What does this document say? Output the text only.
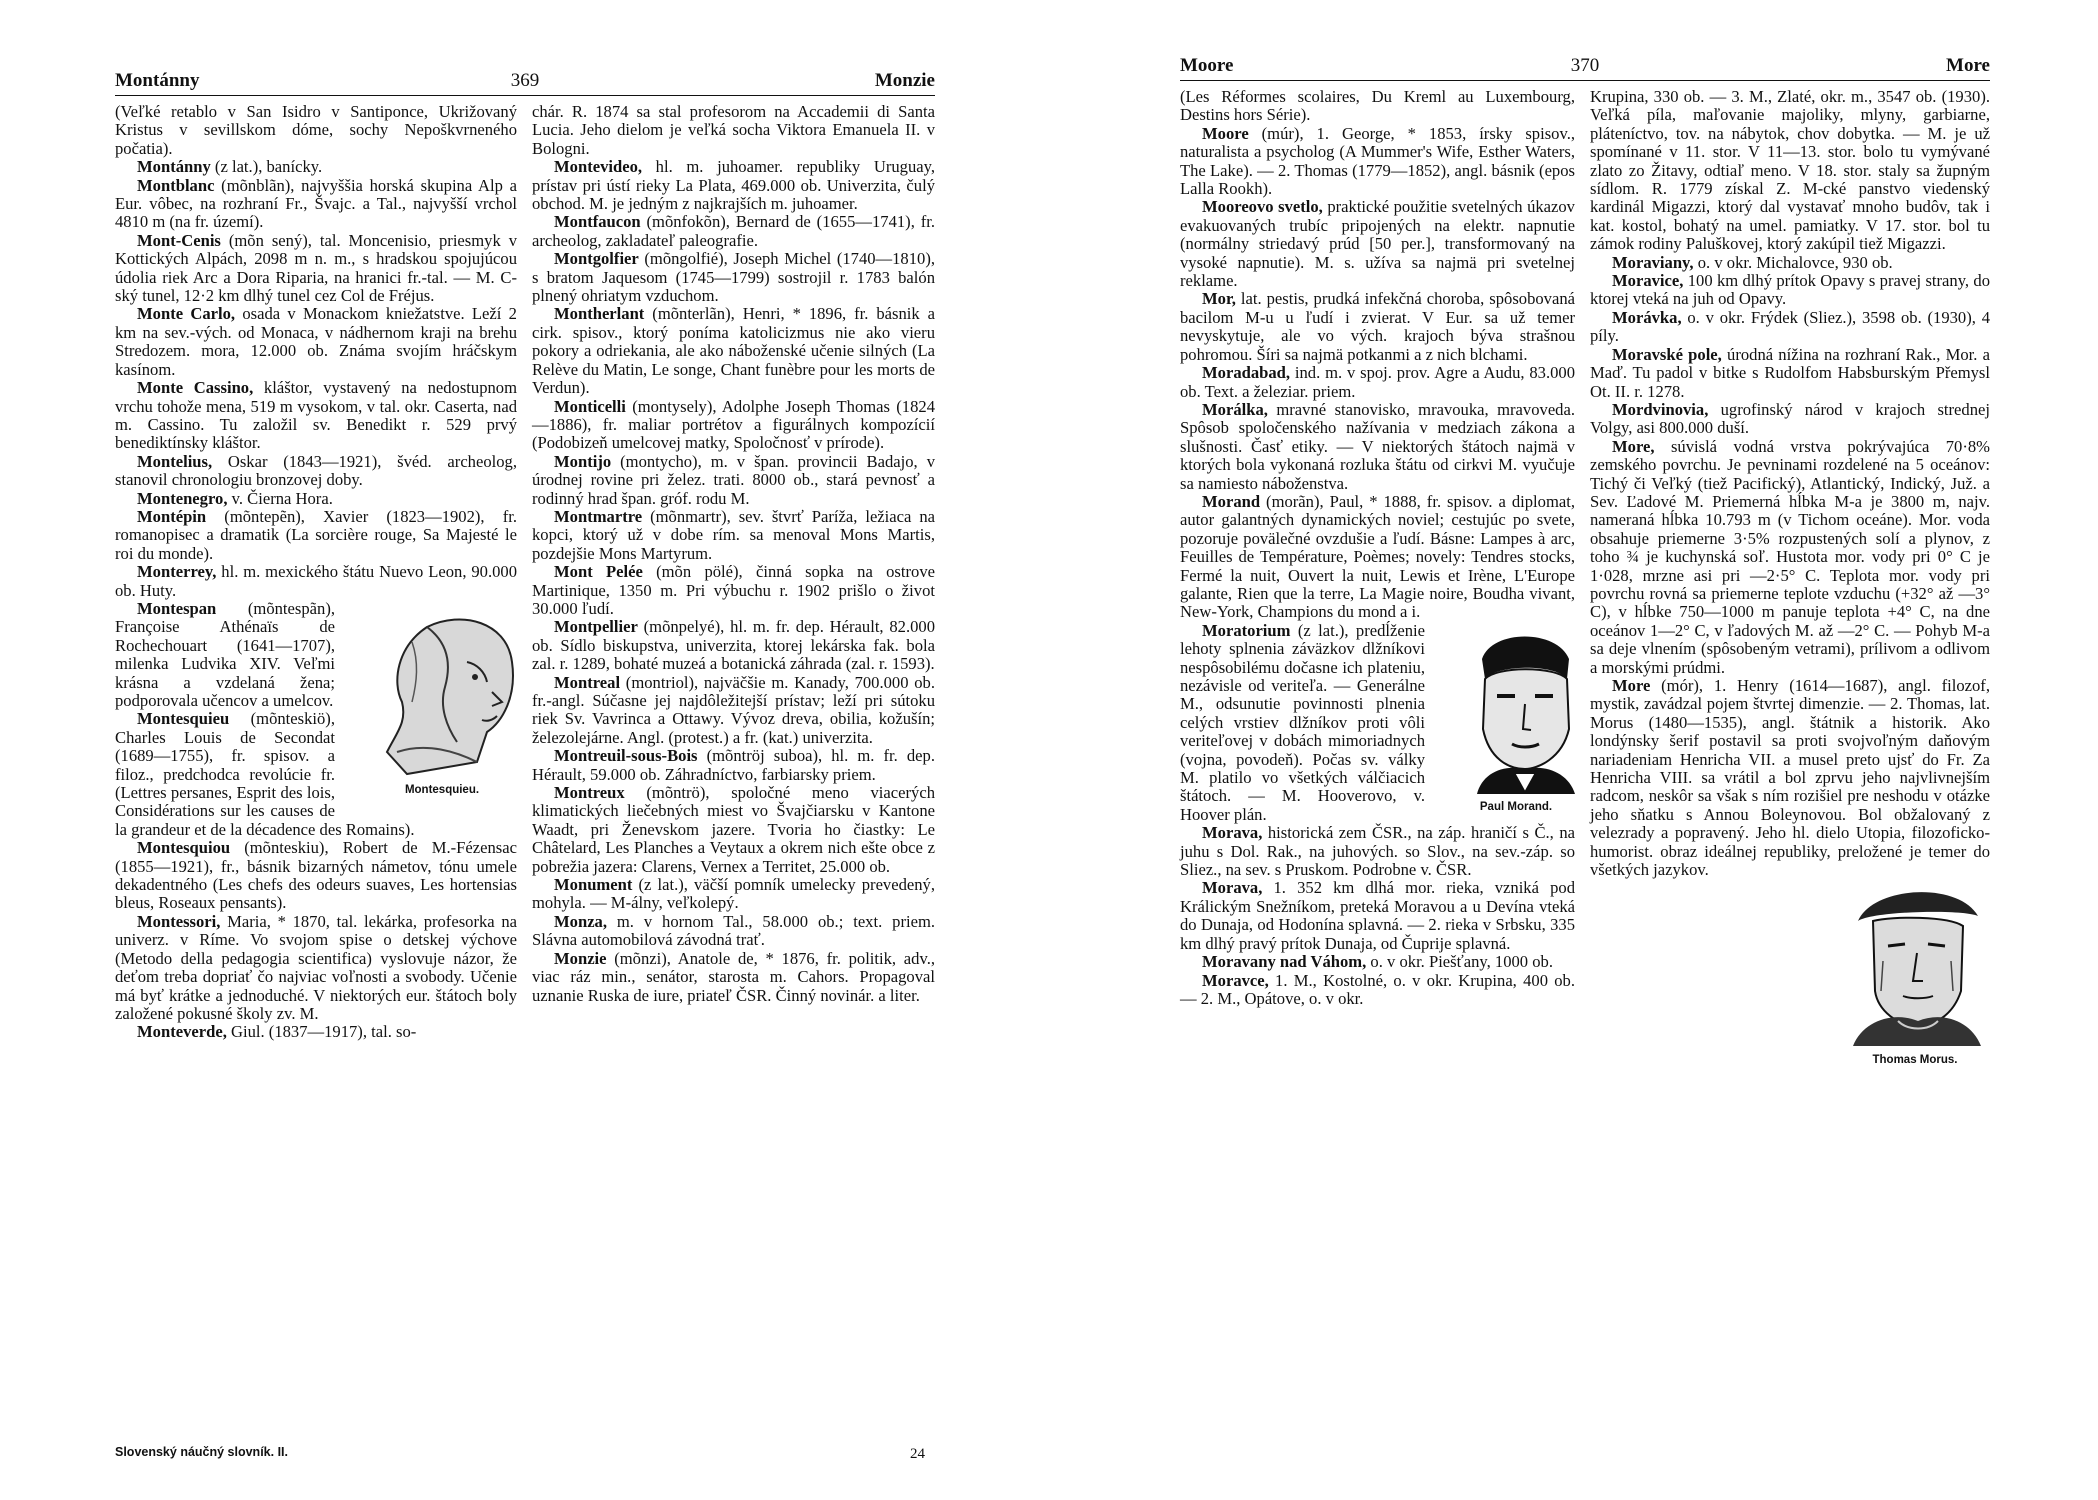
Montánny	369	Monzie

(Veľké retablo v San Isidro v Santiponce, Ukrižovaný Kristus v sevillskom dóme, sochy Nepoškvrneného počatia).

Montánny (z lat.), banícky.

Montblanc (mõnblãn), najvyššia horská skupina Alp a Eur. vôbec, na rozhraní Fr., Švajc. a Tal., najvyšší vrchol 4810 m (na fr. území).

Mont-Cenis (mõn sený), tal. Moncenisio, priesmyk v Kottických Alpách, 2098 m n. m., s hradskou spojujúcou údolia riek Arc a Dora Riparia, na hranici fr.-tal. — M. C-ský tunel, 12·2 km dlhý tunel cez Col de Fréjus.

Monte Carlo, osada v Monackom kniežatstve. Leží 2 km na sev.-vých. od Monaca, v nádhernom kraji na brehu Stredozem. mora, 12.000 ob. Známa svojím hráčskym kasínom.

Monte Cassino, kláštor, vystavený na nedostupnom vrchu tohože mena, 519 m vysokom, v tal. okr. Caserta, nad m. Cassino. Tu založil sv. Benedikt r. 529 prvý benediktínsky kláštor.

Montelius, Oskar (1843—1921), švéd. archeolog, stanovil chronologiu bronzovej doby.

Montenegro, v. Čierna Hora.

Montépin (mõntepẽn), Xavier (1823—1902), fr. romanopisec a dramatik (La sorcière rouge, Sa Majesté le roi du monde).

Monterrey, hl. m. mexického štátu Nuevo Leon, 90.000 ob. Huty.

Montesquieu.
Montespan (mõntespãn), Françoise Athénaïs de Rochechouart (1641—1707), milenka Ludvika XIV. Veľmi krásna a vzdelaná žena; podporovala učencov a umelcov.

Montesquieu (mõnteskiö), Charles Louis de Secondat (1689—1755), fr. spisov. a filoz., predchodca revolúcie fr. (Lettres persanes, Esprit des lois, Considérations sur les causes de la grandeur et de la décadence des Romains).

Montesquiou (mõnteskiu), Robert de M.-Fézensac (1855—1921), fr., básnik bizarných námetov, tónu umele dekadentného (Les chefs des odeurs suaves, Les hortensias bleus, Roseaux pensants).

Montessori, Maria, * 1870, tal. lekárka, profesorka na univerz. v Ríme. Vo svojom spise o detskej výchove (Metodo della pedagogia scientifica) vyslovuje názor, že deťom treba dopriať čo najviac voľnosti a svobody. Učenie má byť krátke a jednoduché. V niektorých eur. štátoch boly založené pokusné školy zv. M.

Monteverde, Giul. (1837—1917), tal. so-

chár. R. 1874 sa stal profesorom na Accademii di Santa Lucia. Jeho dielom je veľká socha Viktora Emanuela II. v Bologni.

Montevideo, hl. m. juhoamer. republiky Uruguay, prístav pri ústí rieky La Plata, 469.000 ob. Univerzita, čulý obchod. M. je jedným z najkrajších m. juhoamer.

Montfaucon (mõnfokõn), Bernard de (1655—1741), fr. archeolog, zakladateľ paleografie.

Montgolfier (mõngolfié), Joseph Michel (1740—1810), s bratom Jaquesom (1745—1799) sostrojil r. 1783 balón plnený ohriatym vzduchom.

Montherlant (mõnterlãn), Henri, * 1896, fr. básnik a cirk. spisov., ktorý poníma katolicizmus nie ako vieru pokory a odriekania, ale ako náboženské učenie silných (La Relève du Matin, Le songe, Chant funèbre pour les morts de Verdun).

Monticelli (montysely), Adolphe Joseph Thomas (1824—1886), fr. maliar portrétov a figurálnych kompozícií (Podobizeň umelcovej matky, Spoločnosť v prírode).

Montijo (montycho), m. v špan. provincii Badajo, v úrodnej rovine pri želez. trati. 8000 ob., stará pevnosť a rodinný hrad špan. gróf. rodu M.

Montmartre (mõnmartr), sev. štvrť Paríža, ležiaca na kopci, ktorý už v dobe rím. sa menoval Mons Martis, pozdejšie Mons Martyrum.

Mont Pelée (mõn pölé), činná sopka na ostrove Martinique, 1350 m. Pri výbuchu r. 1902 prišlo o život 30.000 ľudí.

Montpellier (mõnpelyé), hl. m. fr. dep. Hérault, 82.000 ob. Sídlo biskupstva, univerzita, ktorej lekárska fak. bola zal. r. 1289, bohaté muzeá a botanická záhrada (zal. r. 1593).

Montreal (montriol), najväčšie m. Kanady, 700.000 ob. fr.-angl. Súčasne jej najdôležitejší prístav; leží pri sútoku riek Sv. Vavrinca a Ottawy. Vývoz dreva, obilia, kožušín; železolejárne. Angl. (protest.) a fr. (kat.) univerzita.

Montreuil-sous-Bois (mõntröj suboa), hl. m. fr. dep. Hérault, 59.000 ob. Záhradníctvo, farbiarsky priem.

Montreux (mõntrö), spoločné meno viacerých klimatických liečebných miest vo Švajčiarsku v Kantone Waadt, pri Ženevskom jazere. Tvoria ho čiastky: Le Châtelard, Les Planches a Veytaux a okrem nich ešte obce z pobrežia jazera: Clarens, Vernex a Territet, 25.000 ob.

Monument (z lat.), väčší pomník umelecky prevedený, mohyla. — M-álny, veľkolepý.

Monza, m. v hornom Tal., 58.000 ob.; text. priem. Slávna automobilová závodná trať.

Monzie (mõnzi), Anatole de, * 1876, fr. politik, adv., viac ráz min., senátor, starosta m. Cahors. Propagoval uznanie Ruska de iure, priateľ ČSR. Činný novinár. a liter.

Slovenský náučný slovník. II.	24
Moore	370	More

(Les Réformes scolaires, Du Kreml au Luxembourg, Destins hors Série).

Moore (múr), 1. George, * 1853, írsky spisov., naturalista a psycholog (A Mummer's Wife, Esther Waters, The Lake). — 2. Thomas (1779—1852), angl. básnik (epos Lalla Rookh).

Mooreovo svetlo, praktické použitie svetelných úkazov evakuovaných trubíc pripojených na elektr. napnutie (normálny striedavý prúd [50 per.], transformovaný na vysoké napnutie). M. s. užíva sa najmä pri svetelnej reklame.

Mor, lat. pestis, prudká infekčná choroba, spôsobovaná bacilom M-u u ľudí i zvierat. V Eur. sa už temer nevyskytuje, ale vo vých. krajoch býva strašnou pohromou. Šíri sa najmä potkanmi a z nich blchami.

Moradabad, ind. m. v spoj. prov. Agre a Audu, 83.000 ob. Text. a železiar. priem.

Morálka, mravné stanovisko, mravouka, mravoveda. Spôsob spoločenského nažívania v medziach zákona a slušnosti. Časť etiky. — V niektorých štátoch najmä v ktorých bola vykonaná rozluka štátu od cirkvi M. vyučuje sa namiesto náboženstva.

Morand (morãn), Paul, * 1888, fr. spisov. a diplomat, autor galantných dynamických noviel; cestujúc po svete, pozoruje povälečné ovzdušie a ľudí. Básne: Lampes à arc, Feuilles de Température, Poèmes; novely: Tendres stocks, Fermé la nuit, Ouvert la nuit, Lewis et Irène, L'Europe galante, Rien que la terre, La Magie noire, Boudha vivant, New-York, Champions du mond a i.

Paul Morand.
Moratorium (z lat.), predĺženie lehoty splnenia záväzkov dlžníkovi nespôsobilému dočasne ich plateniu, nezávisle od veriteľa. — Generálne M., odsunutie povinnosti plnenia celých vrstiev dlžníkov proti vôli veriteľovej v dobách mimoriadnych (vojna, povodeň). Počas sv. války M. platilo vo všetkých válčiacich štátoch. — M. Hooverovo, v. Hoover plán.

Morava, historická zem ČSR., na záp. hraničí s Č., na juhu s Dol. Rak., na juhových. so Slov., na sev.-záp. so Sliez., na sev. s Pruskom. Podrobne v. ČSR.

Morava, 1. 352 km dlhá mor. rieka, vzniká pod Králickým Snežníkom, preteká Moravou a u Devína vteká do Dunaja, od Hodonína splavná. — 2. rieka v Srbsku, 335 km dlhý pravý prítok Dunaja, od Čuprije splavná.

Moravany nad Váhom, o. v okr. Piešťany, 1000 ob.

Moravce, 1. M., Kostolné, o. v okr. Krupina, 400 ob. — 2. M., Opátove, o. v okr.

Krupina, 330 ob. — 3. M., Zlaté, okr. m., 3547 ob. (1930). Veľká píla, maľovanie majoliky, mlyny, garbiarne, pláteníctvo, tov. na nábytok, chov dobytka. — M. je už spomínané v 11. stor. V 11—13. stor. bolo tu vymývané zlato zo Žitavy, odtiaľ meno. V 18. stor. staly sa župným sídlom. R. 1779 získal Z. M-cké panstvo viedenský kardinál Migazzi, ktorý dal vystavať mnoho budôv, tak i kat. kostol, bohatý na umel. pamiatky. V 17. stor. bol tu zámok rodiny Paluškovej, ktorý zakúpil tiež Migazzi.

Moraviany, o. v okr. Michalovce, 930 ob.

Moravice, 100 km dlhý prítok Opavy s pravej strany, do ktorej vteká na juh od Opavy.

Morávka, o. v okr. Frýdek (Sliez.), 3598 ob. (1930), 4 píly.

Moravské pole, úrodná nížina na rozhraní Rak., Mor. a Maď. Tu padol v bitke s Rudolfom Habsburským Přemysl Ot. II. r. 1278.

Mordvinovia, ugrofinský národ v krajoch strednej Volgy, asi 800.000 duší.

More, súvislá vodná vrstva pokrývajúca 70·8% zemského povrchu. Je pevninami rozdelené na 5 oceánov: Tichý či Veľký (tiež Pacifický), Atlantický, Indický, Juž. a Sev. Ľadové M. Priemerná hĺbka M-a je 3800 m, najv. nameraná hĺbka 10.793 m (v Tichom oceáne). Mor. voda obsahuje priemerne 3·5% rozpustených solí a plynov, z toho ¾ je kuchynská soľ. Hustota mor. vody pri 0° C je 1·028, mrzne asi pri —2·5° C. Teplota mor. vody pri povrchu rovná sa priemerne teplote vzduchu (+32° až —3° C), v hĺbke 750—1000 m panuje teplota +4° C, na dne oceánov 1—2° C, v ľadových M. až —2° C. — Pohyb M-a sa deje vlnením (spôsobeným vetrami), prílivom a odlivom a morskými prúdmi.

More (mór), 1. Henry (1614—1687), angl. filozof, mystik, zavádzal pojem štvrtej dimenzie. — 2. Thomas, lat. Morus (1480—1535), angl. štátnik a historik. Ako londýnsky šerif postavil sa proti svojvoľným daňovým nariadeniam Henricha VII. a musel preto ujsť do Fr. Za Henricha VIII. sa vrátil a bol zprvu jeho najvlivnejším radcom, neskôr sa však s ním rozišiel pre neshodu v otázke jeho sňatku s Annou Boleynovou. Bol obžalovaný z velezrady a popravený. Jeho hl. dielo Utopia, filozoficko-humorist. obraz ideálnej republiky, preložené je temer do všetkých jazykov.

Thomas Morus.
